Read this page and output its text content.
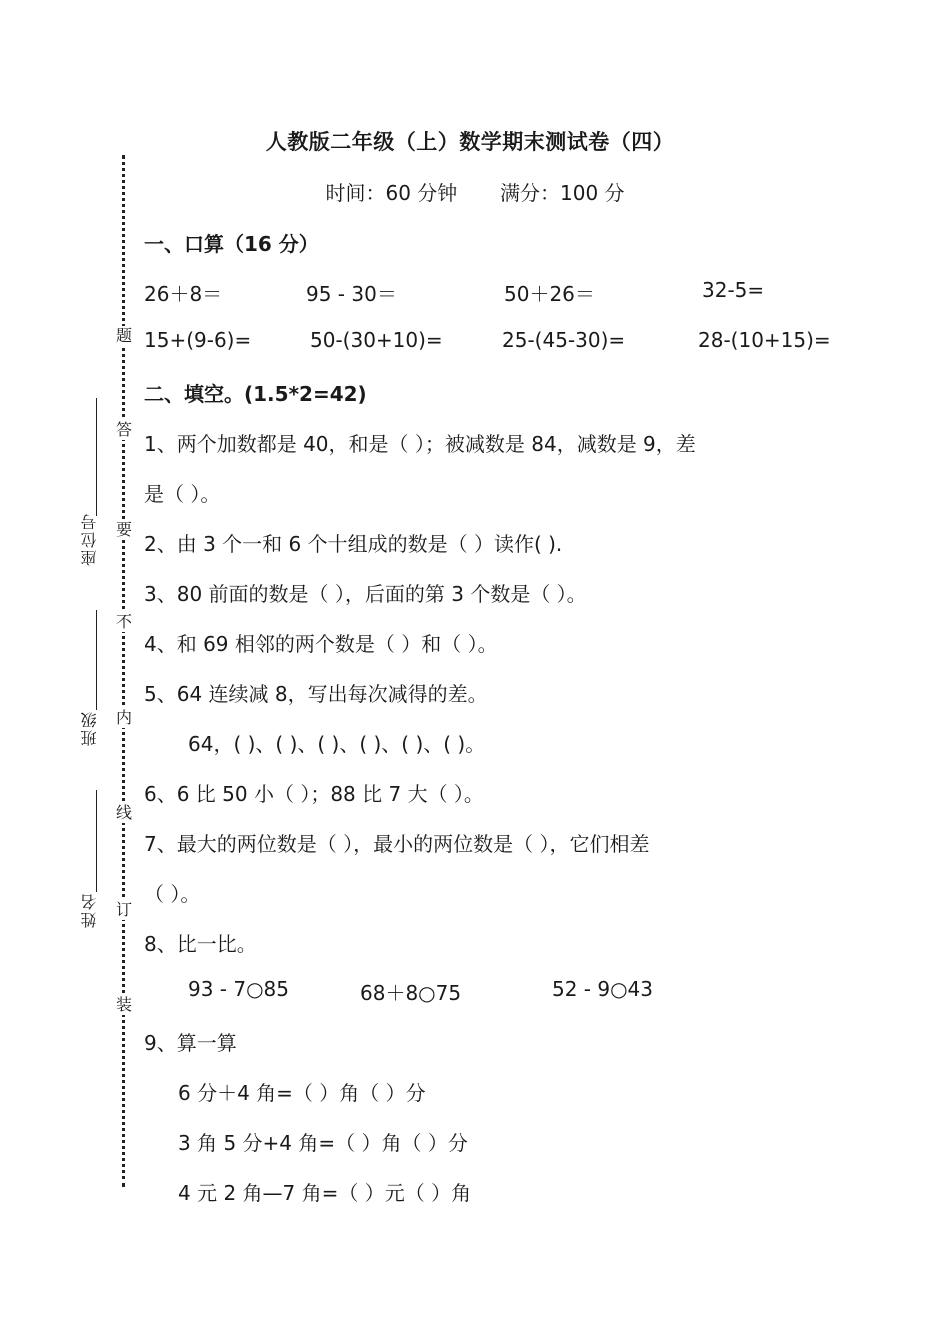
题
答
要
不
内
线
订
装
座位号
班级
姓名
人教版二年级（上）数学期末测试卷（四）
时间：60 分钟 满分：100 分
一、口算（16 分）
26＋8＝	95 - 30＝	50＋26＝	32-5=
15+(9-6)=	50-(30+10)=	25-(45-30)=	28-(10+15)=
二、填空。(1.5*2=42)
1、两个加数都是 40，和是（ ）；被减数是 84，减数是 9，差
是（ ）。
2、由 3 个一和 6 个十组成的数是（ ）读作( ).
3、80 前面的数是（ ），后面的第 3 个数是（ ）。
4、和 69 相邻的两个数是（ ）和（ ）。
5、64 连续减 8，写出每次减得的差。
64，( )、( )、( )、( )、( )、( )。
6、6 比 50 小（ ）；88 比 7 大（ ）。
7、最大的两位数是（ ），最小的两位数是（ ），它们相差
（ ）。
8、比一比。
93 - 7○85	68＋8○75	52 - 9○43
9、算一算
6 分＋4 角=（ ）角（ ）分
3 角 5 分+4 角=（ ）角（ ）分
4 元 2 角—7 角=（ ）元（ ）角
